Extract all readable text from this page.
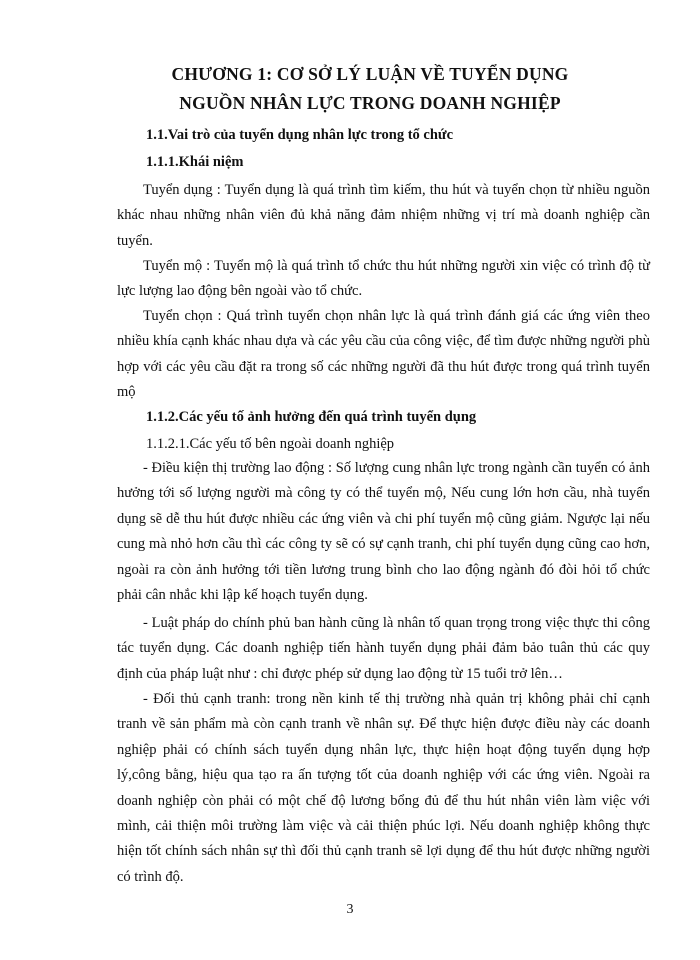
CHƯƠNG 1: CƠ SỞ LÝ LUẬN VỀ TUYỂN DỤNG
NGUỒN NHÂN LỰC TRONG DOANH NGHIỆP
1.1.Vai trò của tuyển dụng nhân lực trong tổ chức
1.1.1.Khái niệm

Tuyển dụng : Tuyển dụng là quá trình tìm kiếm, thu hút và tuyển chọn từ nhiều nguồn khác nhau những nhân viên đủ khả năng đảm nhiệm những vị trí mà doanh nghiệp cần tuyển.

Tuyển mộ : Tuyển mộ là quá trình tổ chức thu hút những người xin việc có trình độ từ lực lượng lao động bên ngoài vào tổ chức.

Tuyển chọn : Quá trình tuyển chọn nhân lực là quá trình đánh giá các ứng viên theo nhiều khía cạnh khác nhau dựa và các yêu cầu của công việc, để tìm được những người phù hợp với các yêu cầu đặt ra trong số các những người đã thu hút được trong quá trình tuyển mộ

1.1.2.Các yếu tố ảnh hưởng đến quá trình tuyển dụng
1.1.2.1.Các yếu tố bên ngoài doanh nghiệp

- Điều kiện thị trường lao động : Số lượng cung nhân lực trong ngành cần tuyển có ảnh hưởng tới số lượng người mà công ty có thể tuyển mộ, Nếu cung lớn hơn cầu, nhà tuyển dụng sẽ dễ thu hút được nhiều các ứng viên và chi phí tuyển mộ cũng giảm. Ngược lại nếu cung mà nhỏ hơn cầu thì các công ty sẽ có sự cạnh tranh, chi phí tuyển dụng cũng cao hơn, ngoài ra còn ảnh hưởng tới tiền lương trung bình cho lao động ngành đó đòi hỏi tổ chức phải cân nhắc khi lập kế hoạch tuyển dụng.

- Luật pháp do chính phủ ban hành cũng là nhân tố quan trọng trong việc thực thi công tác tuyển dụng. Các doanh nghiệp tiến hành tuyển dụng phải đảm bảo tuân thủ các quy định của pháp luật như : chỉ được phép sử dụng lao động từ 15 tuổi trở lên…

- Đối thủ cạnh tranh: trong nền kinh tế thị trường nhà quản trị không phải chỉ cạnh tranh về sản phẩm mà còn cạnh tranh về nhân sự. Để thực hiện được điều này các doanh nghiệp phải có chính sách tuyển dụng nhân lực, thực hiện hoạt động tuyển dụng hợp lý,công bằng, hiệu qua tạo ra ấn tượng tốt của doanh nghiệp với các ứng viên. Ngoài ra doanh nghiệp còn phải có một chế độ lương bổng đủ để thu hút nhân viên làm việc với mình, cải thiện môi trường làm việc và cải thiện phúc lợi. Nếu doanh nghiệp không thực hiện tốt chính sách nhân sự thì đối thủ cạnh tranh sẽ lợi dụng để thu hút được những người có trình độ.

3
